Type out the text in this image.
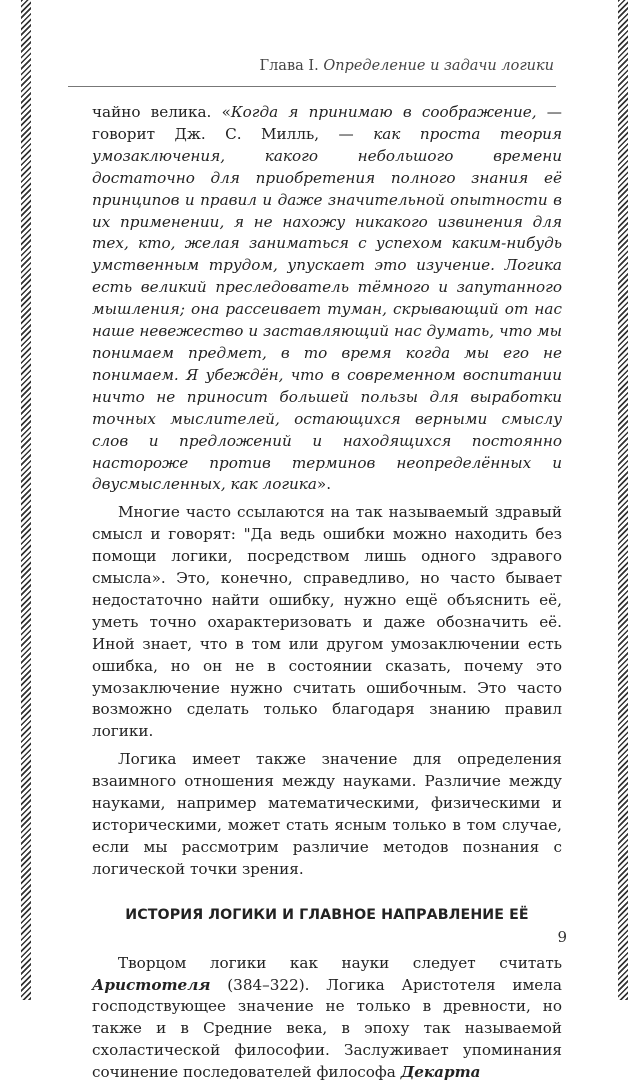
Глава I. Определение и задачи логики

чайно велика. «Когда я принимаю в соображение, — говорит Дж. С. Милль, — как проста теория умозаключения, какого небольшого времени достаточно для приобретения полного знания её принципов и правил и даже значительной опытности в их применении, я не нахожу никакого извинения для тех, кто, желая заниматься с успехом каким-нибудь умственным трудом, упускает это изучение. Логика есть великий преследователь тёмного и запутанного мышления; она рассеивает туман, скрывающий от нас наше невежество и заставляющий нас думать, что мы понимаем предмет, в то время когда мы его не понимаем. Я убеждён, что в современном воспитании ничто не приносит большей пользы для выработки точных мыслителей, остающихся верными смыслу слов и предложений и находящихся постоянно настороже против терминов неопределённых и двусмысленных, как логика».

Многие часто ссылаются на так называемый здравый смысл и говорят: "Да ведь ошибки можно находить без помощи логики, посредством лишь одного здравого смысла». Это, конечно, справедливо, но часто бывает недостаточно найти ошибку, нужно ещё объяснить её, уметь точно охарактеризовать и даже обозначить её. Иной знает, что в том или другом умозаключении есть ошибка, но он не в состоянии сказать, почему это умозаключение нужно считать ошибочным. Это часто возможно сделать только благодаря знанию правил логики.

Логика имеет также значение для определения взаимного отношения между науками. Различие между науками, например математическими, физическими и историческими, может стать ясным только в том случае, если мы рассмотрим различие методов познания с логической точки зрения.

ИСТОРИЯ ЛОГИКИ И ГЛАВНОЕ НАПРАВЛЕНИЕ ЕЁ

Творцом логики как науки следует считать Аристотеля (384–322). Логика Аристотеля имела господствующее значение не только в древности, но также и в Средние века, в эпоху так называемой схоластической философии. Заслуживает упоминания сочинение последователей философа Декарта

9
